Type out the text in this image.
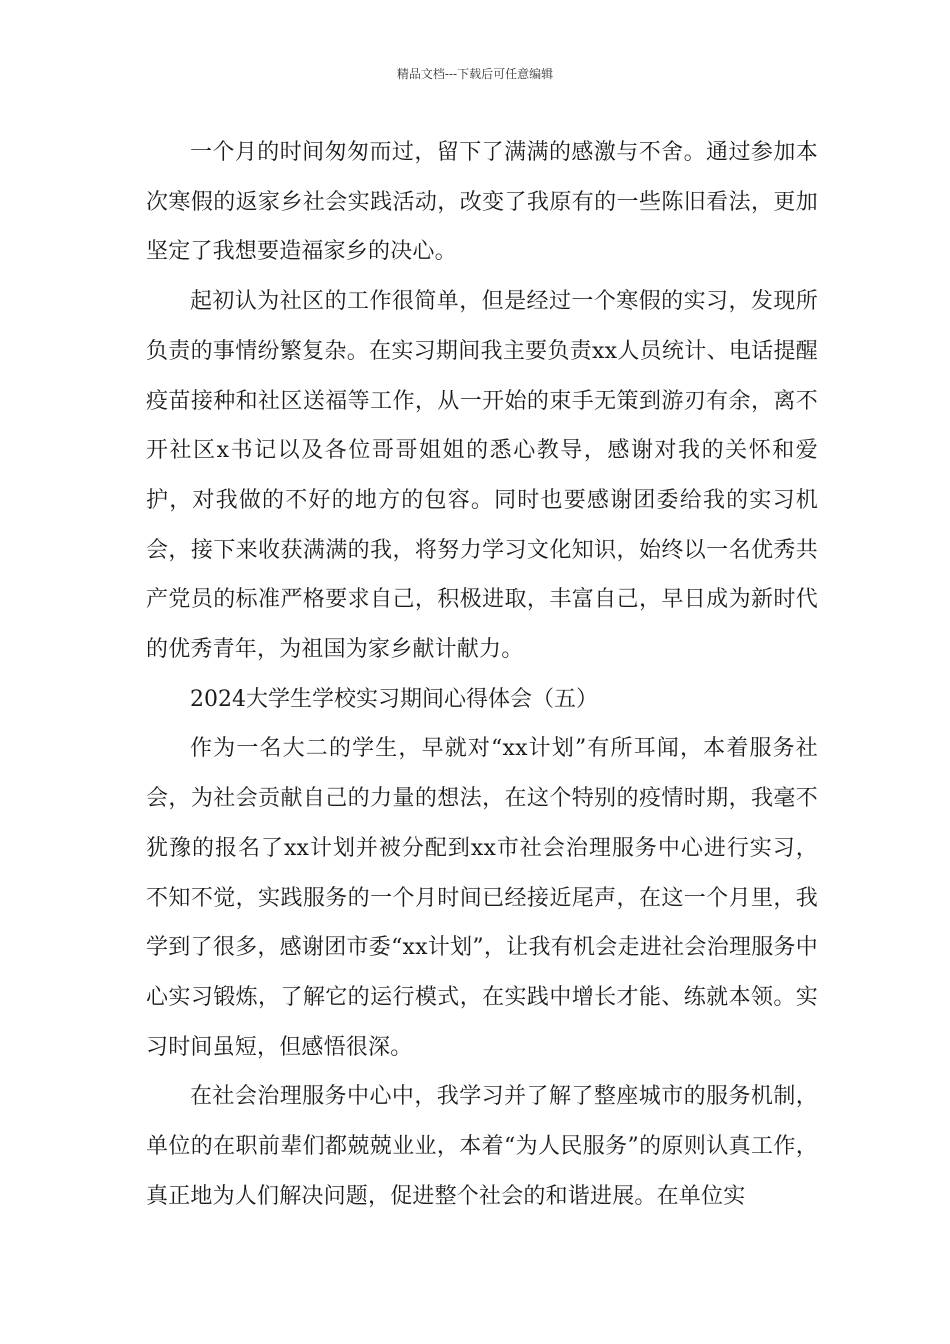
精品文档---下载后可任意编辑

一个月的时间匆匆而过，留下了满满的感激与不舍。通过参加本次寒假的返家乡社会实践活动，改变了我原有的一些陈旧看法，更加坚定了我想要造福家乡的决心。

起初认为社区的工作很简单，但是经过一个寒假的实习，发现所负责的事情纷繁复杂。在实习期间我主要负责xx人员统计、电话提醒疫苗接种和社区送福等工作，从一开始的束手无策到游刃有余，离不开社区x书记以及各位哥哥姐姐的悉心教导，感谢对我的关怀和爱护，对我做的不好的地方的包容。同时也要感谢团委给我的实习机会，接下来收获满满的我，将努力学习文化知识，始终以一名优秀共产党员的标准严格要求自己，积极进取，丰富自己，早日成为新时代的优秀青年，为祖国为家乡献计献力。

2024大学生学校实习期间心得体会（五）

作为一名大二的学生，早就对“xx计划”有所耳闻，本着服务社会，为社会贡献自己的力量的想法，在这个特别的疫情时期，我毫不犹豫的报名了xx计划并被分配到xx市社会治理服务中心进行实习，不知不觉，实践服务的一个月时间已经接近尾声，在这一个月里，我学到了很多，感谢团市委“xx计划”，让我有机会走进社会治理服务中心实习锻炼，了解它的运行模式，在实践中增长才能、练就本领。实习时间虽短，但感悟很深。

在社会治理服务中心中，我学习并了解了整座城市的服务机制，单位的在职前辈们都兢兢业业，本着“为人民服务”的原则认真工作，真正地为人们解决问题，促进整个社会的和谐进展。在单位实
